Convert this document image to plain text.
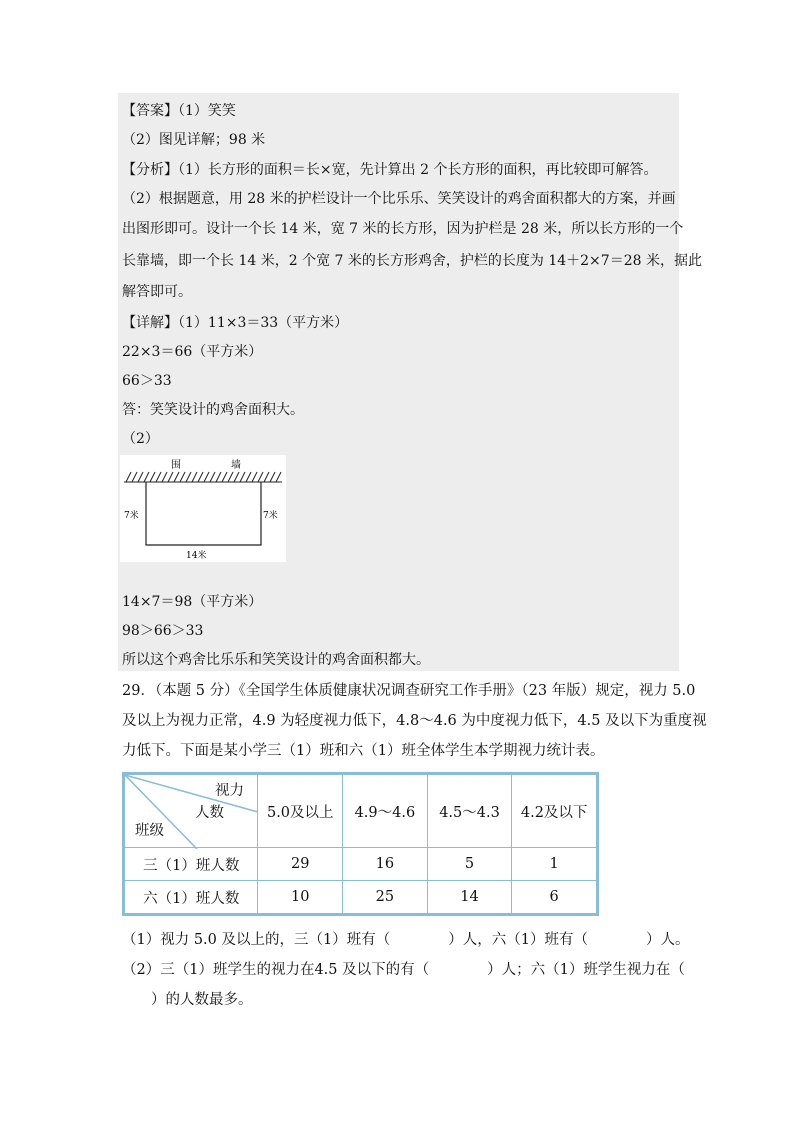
【答案】（1）笑笑
（2）图见详解；98 米
【分析】（1）长方形的面积＝长×宽，先计算出 2 个长方形的面积，再比较即可解答。
（2）根据题意，用 28 米的护栏设计一个比乐乐、笑笑设计的鸡舍面积都大的方案，并画
出图形即可。设计一个长 14 米，宽 7 米的长方形，因为护栏是 28 米，所以长方形的一个
长靠墙，即一个长 14 米，2 个宽 7 米的长方形鸡舍，护栏的长度为 14＋2×7＝28 米，据此
解答即可。
【详解】（1）11×3＝33（平方米）
22×3＝66（平方米）
66＞33
答：笑笑设计的鸡舍面积大。
（2）
围	墙
7米	7米
14米
14×7＝98（平方米）
98＞66＞33
所以这个鸡舍比乐乐和笑笑设计的鸡舍面积都大。
29．（本题 5 分）《全国学生体质健康状况调查研究工作手册》（23 年版）规定，视力 5.0
及以上为视力正常，4.9 为轻度视力低下，4.8～4.6 为中度视力低下，4.5 及以下为重度视
力低下。下面是某小学三（1）班和六（1）班全体学生本学期视力统计表。
视力
人数
班级	5.0及以上	4.9～4.6	4.5～4.3	4.2及以下
三（1）班人数	29	16	5	1
六（1）班人数	10	25	14	6
（1）视力 5.0 及以上的，三（1）班有（　　　　）人，六（1）班有（　　　　）人。
（2）三（1）班学生的视力在4.5 及以下的有（　　　　）人；六（1）班学生视力在（
　　）的人数最多。
